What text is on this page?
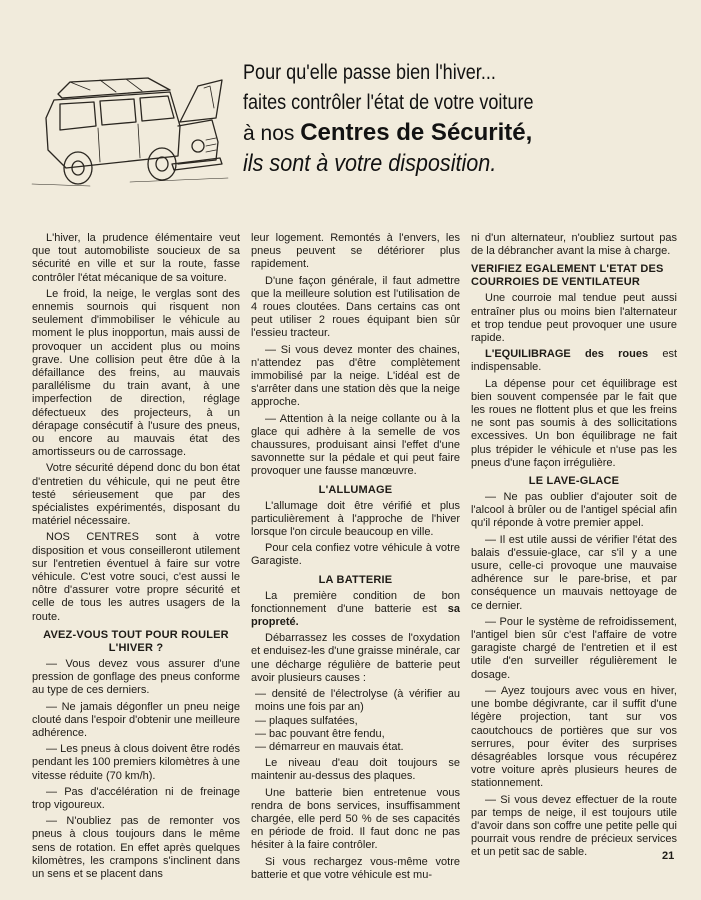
Pour qu'elle passe bien l'hiver...
faites contrôler l'état de votre voiture
à nos Centres de Sécurité,
ils sont à votre disposition.

L'hiver, la prudence élémentaire veut que tout automobiliste soucieux de sa sécurité en ville et sur la route, fasse contrôler l'état mécanique de sa voiture.

Le froid, la neige, le verglas sont des ennemis sournois qui risquent non seulement d'immobiliser le véhicule au moment le plus inopportun, mais aussi de provoquer un accident plus ou moins grave. Une collision peut être dûe à la défaillance des freins, au mauvais parallélisme du train avant, à une imperfection de direction, réglage défectueux des projecteurs, à un dérapage consécutif à l'usure des pneus, ou encore au mauvais état des amortisseurs ou de carrossage.

Votre sécurité dépend donc du bon état d'entretien du véhicule, qui ne peut être testé sérieusement que par des spécialistes expérimentés, disposant du matériel nécessaire.

NOS CENTRES sont à votre disposition et vous conseilleront utilement sur l'entretien éventuel à faire sur votre véhicule. C'est votre souci, c'est aussi le nôtre d'assurer votre propre sécurité et celle de tous les autres usagers de la route.

AVEZ-VOUS TOUT POUR ROULER L'HIVER ?

— Vous devez vous assurer d'une pression de gonflage des pneus conforme au type de ces derniers.

— Ne jamais dégonfler un pneu neige clouté dans l'espoir d'obtenir une meilleure adhérence.

— Les pneus à clous doivent être rodés pendant les 100 premiers kilomètres à une vitesse réduite (70 km/h).

— Pas d'accélération ni de freinage trop vigoureux.

— N'oubliez pas de remonter vos pneus à clous toujours dans le même sens de rotation. En effet après quelques kilomètres, les crampons s'inclinent dans un sens et se placent dans

leur logement. Remontés à l'envers, les pneus peuvent se détériorer plus rapidement.

D'une façon générale, il faut admettre que la meilleure solution est l'utilisation de 4 roues cloutées. Dans certains cas ont peut utiliser 2 roues équipant bien sûr l'essieu tracteur.

— Si vous devez monter des chaines, n'attendez pas d'être complètement immobilisé par la neige. L'idéal est de s'arrêter dans une station dès que la neige approche.

— Attention à la neige collante ou à la glace qui adhère à la semelle de vos chaussures, produisant ainsi l'effet d'une savonnette sur la pédale et qui peut faire provoquer une fausse manœuvre.

L'ALLUMAGE

L'allumage doit être vérifié et plus particulièrement à l'approche de l'hiver lorsque l'on circule beaucoup en ville.

Pour cela confiez votre véhicule à votre Garagiste.

LA BATTERIE

La première condition de bon fonctionnement d'une batterie est sa propreté.

Débarrassez les cosses de l'oxydation et enduisez-les d'une graisse minérale, car une décharge régulière de batterie peut avoir plusieurs causes :

— densité de l'électrolyse (à vérifier au moins une fois par an)

— plaques sulfatées,

— bac pouvant être fendu,

— démarreur en mauvais état.

Le niveau d'eau doit toujours se maintenir au-dessus des plaques.

Une batterie bien entretenue vous rendra de bons services, insuffisamment chargée, elle perd 50 % de ses capacités en période de froid. Il faut donc ne pas hésiter à la faire contrôler.

Si vous rechargez vous-même votre batterie et que votre véhicule est mu-

ni d'un alternateur, n'oubliez surtout pas de la débrancher avant la mise à charge.

VERIFIEZ EGALEMENT L'ETAT DES COURROIES DE VENTILATEUR

Une courroie mal tendue peut aussi entraîner plus ou moins bien l'alternateur et trop tendue peut provoquer une usure rapide.

L'EQUILIBRAGE des roues est indispensable.

La dépense pour cet équilibrage est bien souvent compensée par le fait que les roues ne flottent plus et que les freins ne sont pas soumis à des sollicitations excessives. Un bon équilibrage ne fait plus trépider le véhicule et n'use pas les pneus d'une façon irrégulière.

LE LAVE-GLACE

— Ne pas oublier d'ajouter soit de l'alcool à brûler ou de l'antigel spécial afin qu'il réponde à votre premier appel.

— Il est utile aussi de vérifier l'état des balais d'essuie-glace, car s'il y a une usure, celle-ci provoque une mauvaise adhérence sur le pare-brise, et par conséquence un mauvais nettoyage de ce dernier.

— Pour le système de refroidissement, l'antigel bien sûr c'est l'affaire de votre garagiste chargé de l'entretien et il est utile d'en surveiller régulièrement le dosage.

— Ayez toujours avec vous en hiver, une bombe dégivrante, car il suffit d'une légère projection, tant sur vos caoutchoucs de portières que sur vos serrures, pour éviter des surprises désagréables lorsque vous récupérez votre voiture après plusieurs heures de stationnement.

— Si vous devez effectuer de la route par temps de neige, il est toujours utile d'avoir dans son coffre une petite pelle qui pourrait vous rendre de précieux services et un petit sac de sable.	21
